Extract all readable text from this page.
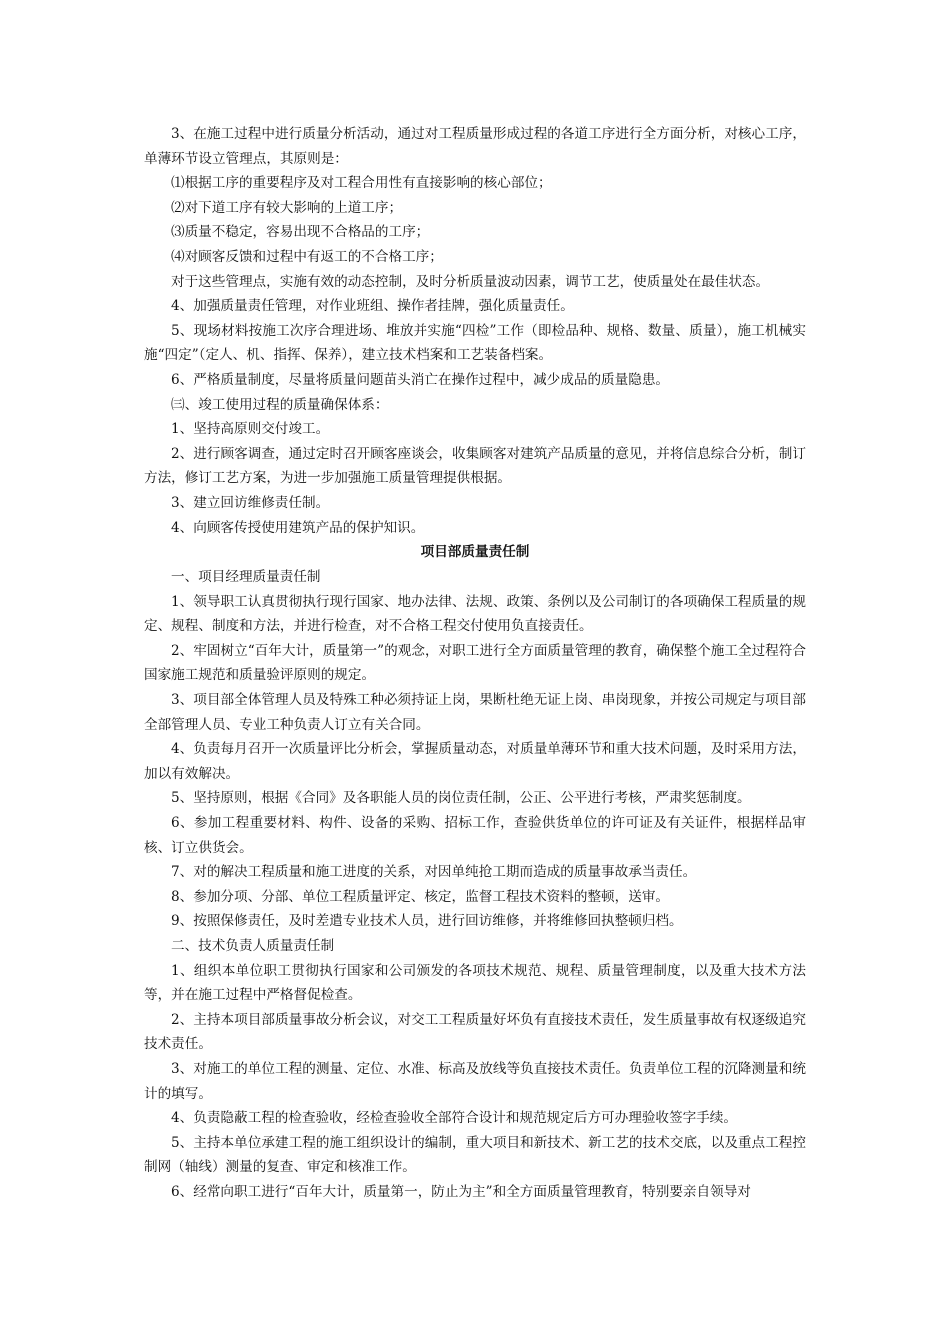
3、在施工过程中进行质量分析活动，通过对工程质量形成过程的各道工序进行全方面分析，对核心工序，单薄环节设立管理点，其原则是：

⑴根据工序的重要程序及对工程合用性有直接影响的核心部位；

⑵对下道工序有较大影响的上道工序；

⑶质量不稳定，容易出现不合格品的工序；

⑷对顾客反馈和过程中有返工的不合格工序；

对于这些管理点，实施有效的动态控制，及时分析质量波动因素，调节工艺，使质量处在最佳状态。

4、加强质量责任管理，对作业班组、操作者挂牌，强化质量责任。

5、现场材料按施工次序合理进场、堆放并实施“四检”工作（即检品种、规格、数量、质量），施工机械实施“四定”（定人、机、指挥、保养），建立技术档案和工艺装备档案。

6、严格质量制度，尽量将质量问题苗头消亡在操作过程中，减少成品的质量隐患。

㈢、竣工使用过程的质量确保体系：

1、坚持高原则交付竣工。

2、进行顾客调查，通过定时召开顾客座谈会，收集顾客对建筑产品质量的意见，并将信息综合分析，制订方法，修订工艺方案，为进一步加强施工质量管理提供根据。

3、建立回访维修责任制。

4、向顾客传授使用建筑产品的保护知识。

项目部质量责任制

一、项目经理质量责任制

1、领导职工认真贯彻执行现行国家、地办法律、法规、政策、条例以及公司制订的各项确保工程质量的规定、规程、制度和方法，并进行检查，对不合格工程交付使用负直接责任。

2、牢固树立“百年大计，质量第一”的观念，对职工进行全方面质量管理的教育，确保整个施工全过程符合国家施工规范和质量验评原则的规定。

3、项目部全体管理人员及特殊工种必须持证上岗，果断杜绝无证上岗、串岗现象，并按公司规定与项目部全部管理人员、专业工种负责人订立有关合同。

4、负责每月召开一次质量评比分析会，掌握质量动态，对质量单薄环节和重大技术问题，及时采用方法，加以有效解决。

5、坚持原则，根据《合同》及各职能人员的岗位责任制，公正、公平进行考核，严肃奖惩制度。

6、参加工程重要材料、构件、设备的采购、招标工作，查验供货单位的许可证及有关证件，根据样品审核、订立供货会。

7、对的解决工程质量和施工进度的关系，对因单纯抢工期而造成的质量事故承当责任。

8、参加分项、分部、单位工程质量评定、核定，监督工程技术资料的整顿，送审。

9、按照保修责任，及时差遣专业技术人员，进行回访维修，并将维修回执整顿归档。

二、技术负责人质量责任制

1、组织本单位职工贯彻执行国家和公司颁发的各项技术规范、规程、质量管理制度，以及重大技术方法等，并在施工过程中严格督促检查。

2、主持本项目部质量事故分析会议，对交工工程质量好坏负有直接技术责任，发生质量事故有权逐级追究技术责任。

3、对施工的单位工程的测量、定位、水准、标高及放线等负直接技术责任。负责单位工程的沉降测量和统计的填写。

4、负责隐蔽工程的检查验收，经检查验收全部符合设计和规范规定后方可办理验收签字手续。

5、主持本单位承建工程的施工组织设计的编制，重大项目和新技术、新工艺的技术交底，以及重点工程控制网（轴线）测量的复查、审定和核准工作。

6、经常向职工进行“百年大计，质量第一，防止为主”和全方面质量管理教育，特别要亲自领导对
